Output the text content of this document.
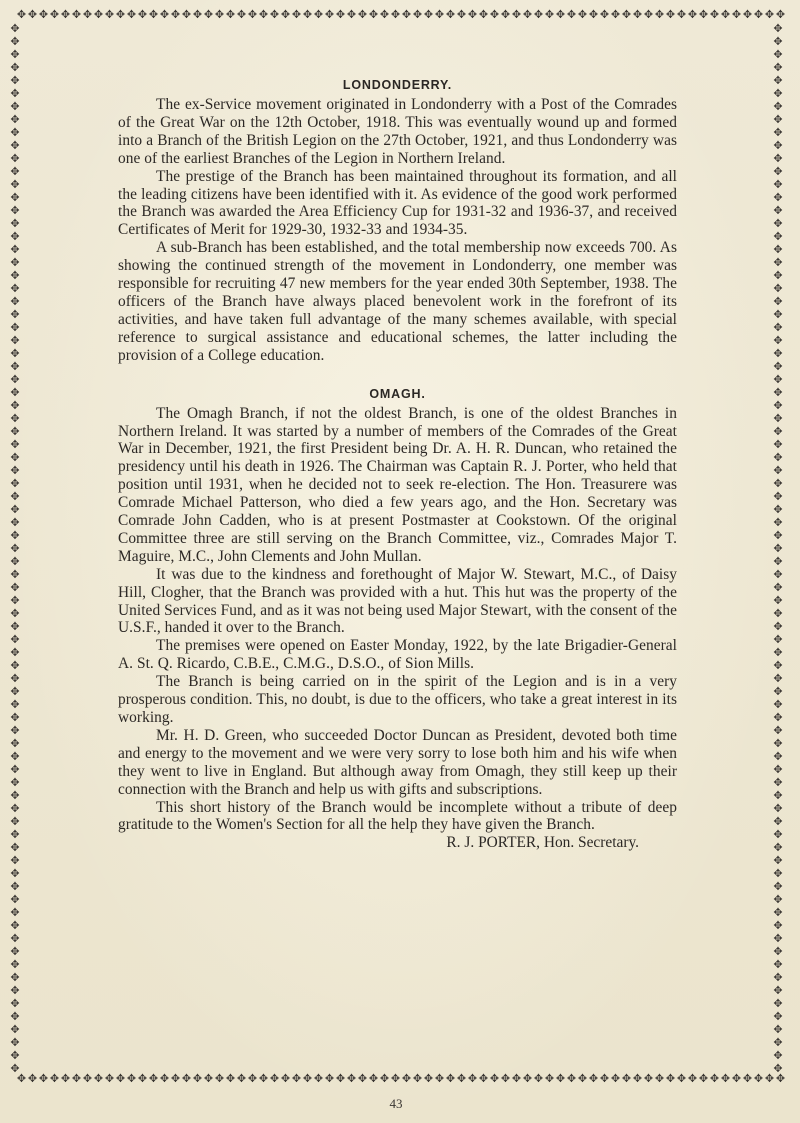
✥ ✥ ✥ ✥ ✥ ✥ ✥ ✥ ✥ ✥ ✥ ✥ ✥ ✥ ✥ ✥ ✥ ✥ ✥ ✥ ✥ ✥ ✥ ✥ ✥ ✥ ✥ ✥ ✥ ✥ ✥ ✥ ✥ ✥ ✥ ✥ ✥ ✥ ✥ ✥ ✥ ✥ ✥ ✥ ✥ ✥ ✥ ✥ ✥ ✥ ✥ ✥ ✥ ✥ ✥ ✥ ✥ ✥ ✥ ✥ ✥ ✥ ✥ ✥ ✥ ✥ ✥ ✥ ✥ ✥
✥ ✥ ✥ ✥ ✥ ✥ ✥ ✥ ✥ ✥ ✥ ✥ ✥ ✥ ✥ ✥ ✥ ✥ ✥ ✥ ✥ ✥ ✥ ✥ ✥ ✥ ✥ ✥ ✥ ✥ ✥ ✥ ✥ ✥ ✥ ✥ ✥ ✥ ✥ ✥ ✥ ✥ ✥ ✥ ✥ ✥ ✥ ✥ ✥ ✥ ✥ ✥ ✥ ✥ ✥ ✥ ✥ ✥ ✥ ✥ ✥ ✥ ✥ ✥ ✥ ✥ ✥ ✥ ✥ ✥
✥
✥
✥
✥
✥
✥
✥
✥
✥
✥
✥
✥
✥
✥
✥
✥
✥
✥
✥
✥
✥
✥
✥
✥
✥
✥
✥
✥
✥
✥
✥
✥
✥
✥
✥
✥
✥
✥
✥
✥
✥
✥
✥
✥
✥
✥
✥
✥
✥
✥
✥
✥
✥
✥
✥
✥
✥
✥
✥
✥
✥
✥
✥
✥
✥
✥
✥
✥
✥
✥
✥
✥
✥
✥
✥
✥
✥
✥
✥
✥
✥
✥
✥
✥
✥
✥
✥
✥
✥
✥
✥
✥
✥
✥
✥
✥
✥
✥
✥
✥
✥
✥
✥
✥
✥
✥
✥
✥
✥
✥
✥
✥
✥
✥
✥
✥
✥
✥
✥
✥
✥
✥
✥
✥
✥
✥
✥
✥
✥
✥
✥
✥
✥
✥
✥
✥
✥
✥
✥
✥
✥
✥
✥
✥
✥
✥
✥
✥
✥
✥
✥
✥
✥
✥
✥
✥
✥
✥
✥
✥
✥
✥
LONDONDERRY.

The ex-Service movement originated in Londonderry with a Post of the Comrades of the Great War on the 12th October, 1918. This was eventually wound up and formed into a Branch of the British Legion on the 27th October, 1921, and thus Londonderry was one of the earliest Branches of the Legion in Northern Ireland.

The prestige of the Branch has been maintained throughout its formation, and all the leading citizens have been identified with it. As evidence of the good work performed the Branch was awarded the Area Efficiency Cup for 1931-32 and 1936-37, and received Certificates of Merit for 1929-30, 1932-33 and 1934-35.

A sub-Branch has been established, and the total membership now exceeds 700. As showing the continued strength of the movement in Londonderry, one member was responsible for recruiting 47 new members for the year ended 30th September, 1938. The officers of the Branch have always placed benevolent work in the forefront of its activities, and have taken full advantage of the many schemes available, with special reference to surgical assistance and educational schemes, the latter including the provision of a College education.

OMAGH.

The Omagh Branch, if not the oldest Branch, is one of the oldest Branches in Northern Ireland. It was started by a number of members of the Comrades of the Great War in December, 1921, the first President being Dr. A. H. R. Duncan, who retained the presidency until his death in 1926. The Chairman was Captain R. J. Porter, who held that position until 1931, when he decided not to seek re-election. The Hon. Treasurere was Comrade Michael Patterson, who died a few years ago, and the Hon. Secretary was Comrade John Cadden, who is at present Postmaster at Cookstown. Of the original Committee three are still serving on the Branch Committee, viz., Comrades Major T. Maguire, M.C., John Clements and John Mullan.

It was due to the kindness and forethought of Major W. Stewart, M.C., of Daisy Hill, Clogher, that the Branch was provided with a hut. This hut was the property of the United Services Fund, and as it was not being used Major Stewart, with the consent of the U.S.F., handed it over to the Branch.

The premises were opened on Easter Monday, 1922, by the late Brigadier-General A. St. Q. Ricardo, C.B.E., C.M.G., D.S.O., of Sion Mills.

The Branch is being carried on in the spirit of the Legion and is in a very prosperous condition. This, no doubt, is due to the officers, who take a great interest in its working.

Mr. H. D. Green, who succeeded Doctor Duncan as President, devoted both time and energy to the movement and we were very sorry to lose both him and his wife when they went to live in England. But although away from Omagh, they still keep up their connection with the Branch and help us with gifts and subscriptions.

This short history of the Branch would be incomplete without a tribute of deep gratitude to the Women's Section for all the help they have given the Branch.

R. J. PORTER, Hon. Secretary.

43
